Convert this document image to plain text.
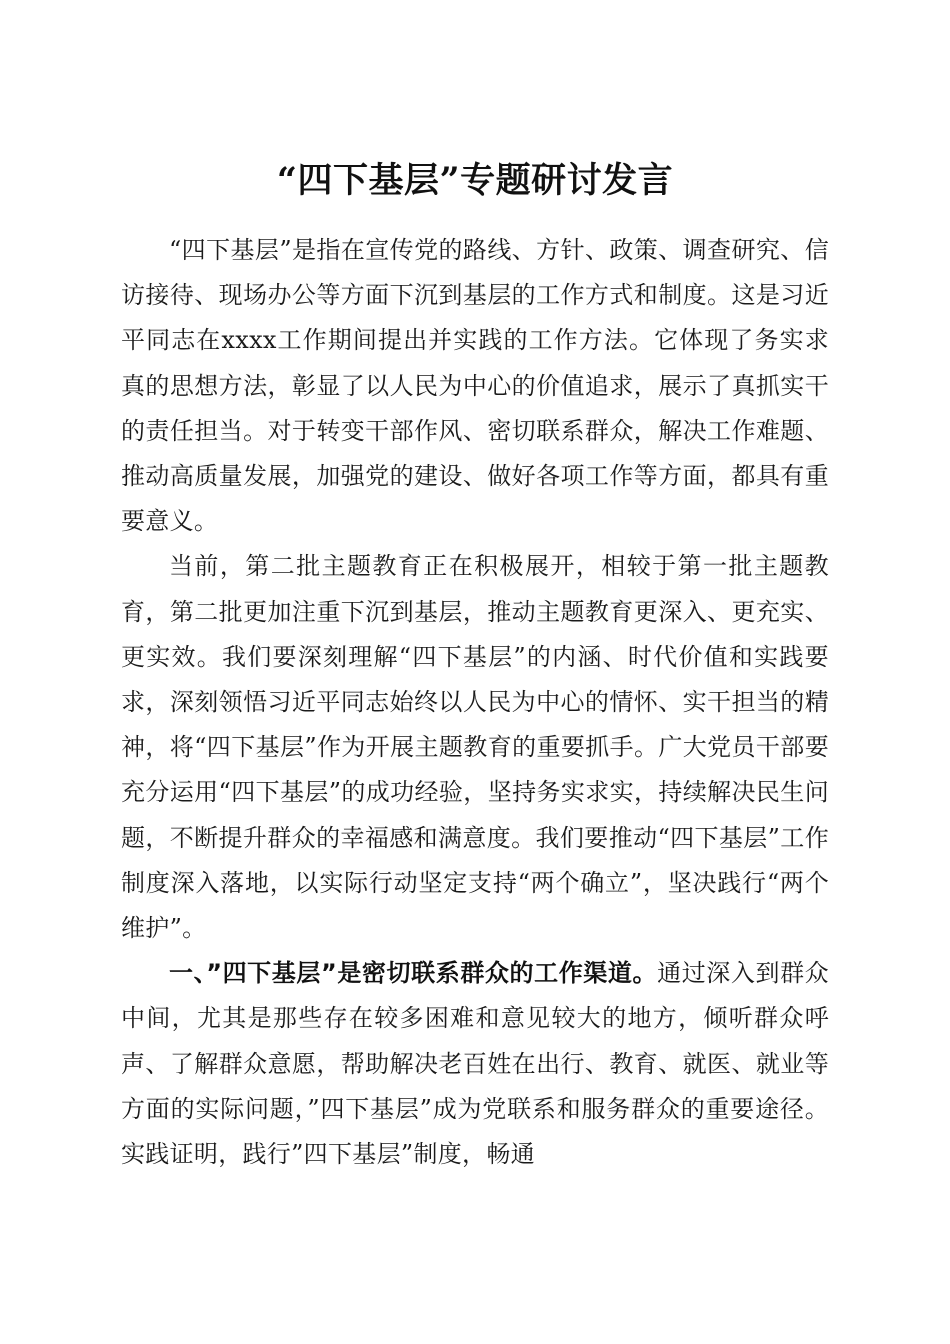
“四下基层”专题研讨发言

“四下基层”是指在宣传党的路线、方针、政策、调查研究、信访接待、现场办公等方面下沉到基层的工作方式和制度。这是习近平同志在xxxx工作期间提出并实践的工作方法。它体现了务实求真的思想方法，彰显了以人民为中心的价值追求，展示了真抓实干的责任担当。对于转变干部作风、密切联系群众，解决工作难题、推动高质量发展，加强党的建设、做好各项工作等方面，都具有重要意义。

当前，第二批主题教育正在积极展开，相较于第一批主题教育，第二批更加注重下沉到基层，推动主题教育更深入、更充实、更实效。我们要深刻理解“四下基层”的内涵、时代价值和实践要求，深刻领悟习近平同志始终以人民为中心的情怀、实干担当的精神，将“四下基层”作为开展主题教育的重要抓手。广大党员干部要充分运用“四下基层”的成功经验，坚持务实求实，持续解决民生问题，不断提升群众的幸福感和满意度。我们要推动“四下基层”工作制度深入落地，以实际行动坚定支持“两个确立”，坚决践行“两个维护”。

一、”四下基层”是密切联系群众的工作渠道。通过深入到群众中间，尤其是那些存在较多困难和意见较大的地方，倾听群众呼声、了解群众意愿，帮助解决老百姓在出行、教育、就医、就业等方面的实际问题，”四下基层”成为党联系和服务群众的重要途径。实践证明，践行”四下基层”制度，畅通
